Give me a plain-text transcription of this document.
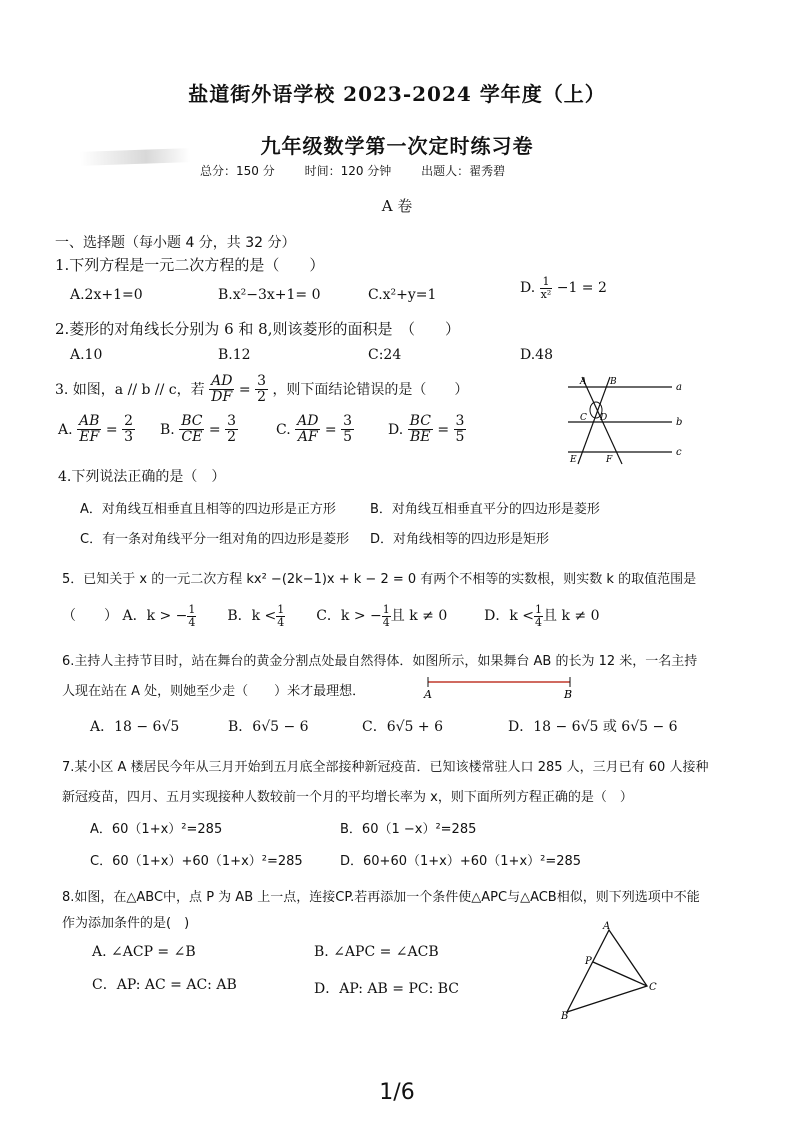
盐道街外语学校 2023-2024 学年度（上）
九年级数学第一次定时练习卷
总分：150 分 时间：120 分钟 出题人：翟秀碧
A 卷
一、选择题（每小题 4 分，共 32 分）
1.下列方程是一元二次方程的是（　　）
A.2x+1=0	B.x²−3x+1= 0	C.x²+y=1	D. $\frac{1}{\text{x²}} -1 = 2$
2.菱形的对角线长分别为 6 和 8,则该菱形的面积是　（　　）
A.10	B.12	C:24	D.48
3. 如图，a // b // c，若 $\frac{AD}{DF} = \frac{3}{2}$ ，则下面结论错误的是（　　）
A. $\frac{AB}{EF} = \frac{2}{3} B$. $\frac{BC}{CE} = \frac{3}{2}$	C. $\frac{AD}{AF} = \frac{3}{5} D$. $\frac{BC}{BE} = \frac{3}{5}$
A	B
C D
E	F
a
b
c
4.下列说法正确的是（　）
A．对角线互相垂直且相等的四边形是正方形	B．对角线互相垂直平分的四边形是菱形
C．有一条对角线平分一组对角的四边形是菱形 D．对角线相等的四边形是矩形
5．已知关于 x 的一元二次方程 kx² −(2k−1)x + k − 2 = 0 有两个不相等的实数根，则实数 k 的取值范围是
（　　） A．k > − $\frac{1}{4}$ B．$k < \frac{1}{4}$ C．k > − $\frac{1}{4}$ 且 k ≠ 0	D．$k < \frac{1}{4}$ 且 k ≠ 0
6.主持人主持节目时，站在舞台的黄金分割点处最自然得体．如图所示，如果舞台 AB 的长为 12 米，一名主持
人现在站在 A 处，则她至少走（　　）米才最理想．	A	B
A．18 − 6√5	B．6√5 − 6	C．6√5 + 6	D．18 − 6√5 或 6√5 − 6
7.某小区 A 楼居民今年从三月开始到五月底全部接种新冠疫苗．已知该楼常驻人口 285 人，三月已有 60 人接种
新冠疫苗，四月、五月实现接种人数较前一个月的平均增长率为 x，则下面所列方程正确的是（　）
A．60（1+x）²=285	B．60（1 −x）²=285
C．60（1+x）+60（1+x）²=285	D．60+60（1+x）+60（1+x）²=285
8.如图，在△ABC中，点 P 为 AB 上一点，连接CP.若再添加一个条件使△APC与△ACB相似，则下列选项中不能
作为添加条件的是(　)
A. ∠ACP = ∠B	B. ∠APC = ∠ACB
C．AP: AC = AC: AB	D．AP: AB = PC: BC
A
P
B
C
1/6
